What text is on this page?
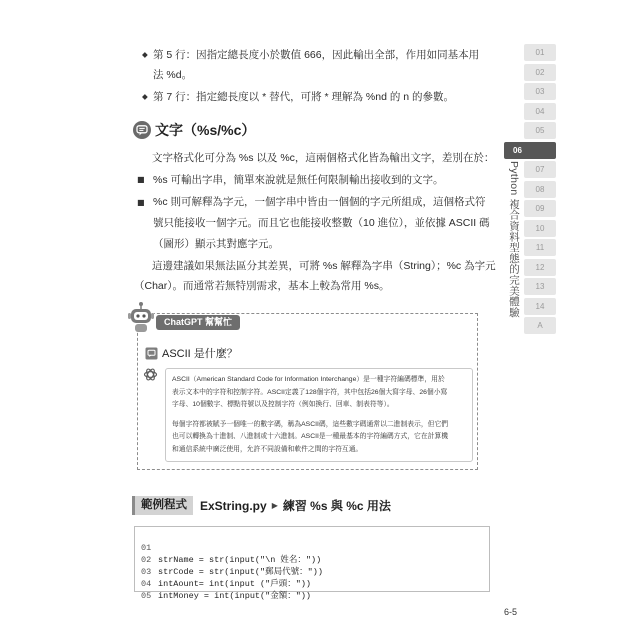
◆ 第 5 行：因指定總長度小於數值 666，因此輸出全部，作用如同基本用
法 %d。
◆ 第 7 行：指定總長度以 * 替代，可將 * 理解為 %nd 的 n 的參數。
文字（%s/%c）
文字格式化可分為 %s 以及 %c，這兩個格式化皆為輸出文字，差別在於：
■ %s 可輸出字串，簡單來說就是無任何限制輸出接收到的文字。
■ %c 則可解釋為字元，一個字串中皆由一個個的字元所組成，這個格式符
號只能接收一個字元。而且它也能接收整數（10 進位），並依據 ASCII 碼
（圖形）顯示其對應字元。
這邊建議如果無法區分其差異，可將 %s 解釋為字串（String）；%c 為字元
（Char）。而通常若無特別需求，基本上較為常用 %s。
ChatGPT 幫幫忙
ASCII 是什麼？
ASCII（American Standard Code for Information Interchange）是一種字符編碼標準，用於
表示文本中的字符和控制字符。ASCII定義了128個字符，其中包括26個大寫字母、26個小寫
字母、10個數字、標點符號以及控制字符（例如換行、回車、制表符等）。
每個字符都被賦予一個唯一的數字碼，稱為ASCII碼，這些數字碼通常以二進制表示，但它們
也可以轉換為十進制、八進制或十六進制。ASCII是一種最基本的字符編碼方式，它在計算機
和通信系統中廣泛使用，允許不同設備和軟件之間的字符互通。
範例程式	ExString.py ▶ 練習 %s 與 %c 用法

01

strName = str(input("\n 姓名："))

02

strCode = str(input("郵局代號："))

03

intAount= int(input ("戶頭："))

04

intMoney = int(input("金額："))

05

6-5
01
02
03
04
05
06
07
08
09
10
11
12
13
14
A
Python 複合資料型態的完美體驗
